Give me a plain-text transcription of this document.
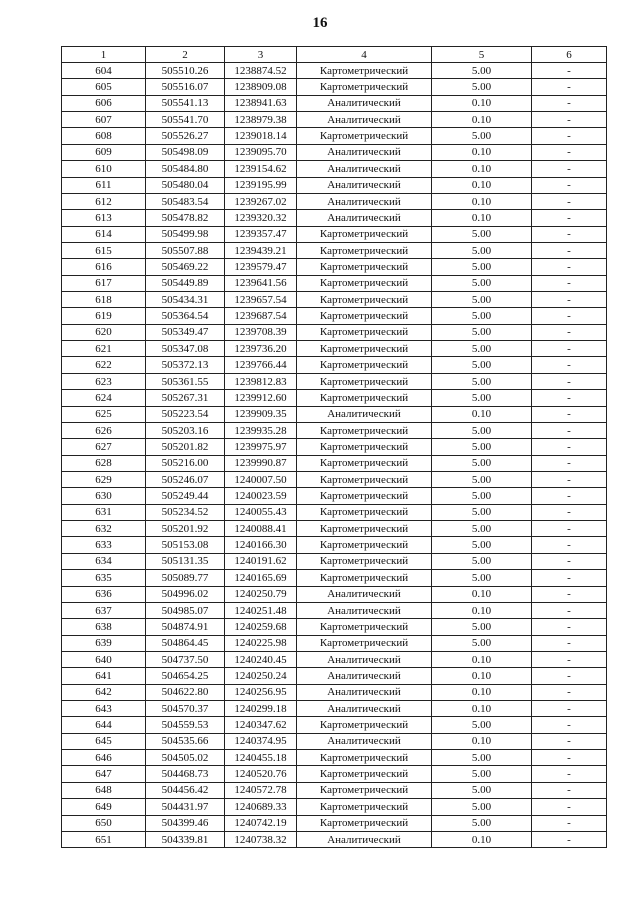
16
1	2	3	4	5	6
604	505510.26	1238874.52	Картометрический	5.00	-
605	505516.07	1238909.08	Картометрический	5.00	-
606	505541.13	1238941.63	Аналитический	0.10	-
607	505541.70	1238979.38	Аналитический	0.10	-
608	505526.27	1239018.14	Картометрический	5.00	-
609	505498.09	1239095.70	Аналитический	0.10	-
610	505484.80	1239154.62	Аналитический	0.10	-
611	505480.04	1239195.99	Аналитический	0.10	-
612	505483.54	1239267.02	Аналитический	0.10	-
613	505478.82	1239320.32	Аналитический	0.10	-
614	505499.98	1239357.47	Картометрический	5.00	-
615	505507.88	1239439.21	Картометрический	5.00	-
616	505469.22	1239579.47	Картометрический	5.00	-
617	505449.89	1239641.56	Картометрический	5.00	-
618	505434.31	1239657.54	Картометрический	5.00	-
619	505364.54	1239687.54	Картометрический	5.00	-
620	505349.47	1239708.39	Картометрический	5.00	-
621	505347.08	1239736.20	Картометрический	5.00	-
622	505372.13	1239766.44	Картометрический	5.00	-
623	505361.55	1239812.83	Картометрический	5.00	-
624	505267.31	1239912.60	Картометрический	5.00	-
625	505223.54	1239909.35	Аналитический	0.10	-
626	505203.16	1239935.28	Картометрический	5.00	-
627	505201.82	1239975.97	Картометрический	5.00	-
628	505216.00	1239990.87	Картометрический	5.00	-
629	505246.07	1240007.50	Картометрический	5.00	-
630	505249.44	1240023.59	Картометрический	5.00	-
631	505234.52	1240055.43	Картометрический	5.00	-
632	505201.92	1240088.41	Картометрический	5.00	-
633	505153.08	1240166.30	Картометрический	5.00	-
634	505131.35	1240191.62	Картометрический	5.00	-
635	505089.77	1240165.69	Картометрический	5.00	-
636	504996.02	1240250.79	Аналитический	0.10	-
637	504985.07	1240251.48	Аналитический	0.10	-
638	504874.91	1240259.68	Картометрический	5.00	-
639	504864.45	1240225.98	Картометрический	5.00	-
640	504737.50	1240240.45	Аналитический	0.10	-
641	504654.25	1240250.24	Аналитический	0.10	-
642	504622.80	1240256.95	Аналитический	0.10	-
643	504570.37	1240299.18	Аналитический	0.10	-
644	504559.53	1240347.62	Картометрический	5.00	-
645	504535.66	1240374.95	Аналитический	0.10	-
646	504505.02	1240455.18	Картометрический	5.00	-
647	504468.73	1240520.76	Картометрический	5.00	-
648	504456.42	1240572.78	Картометрический	5.00	-
649	504431.97	1240689.33	Картометрический	5.00	-
650	504399.46	1240742.19	Картометрический	5.00	-
651	504339.81	1240738.32	Аналитический	0.10	-
